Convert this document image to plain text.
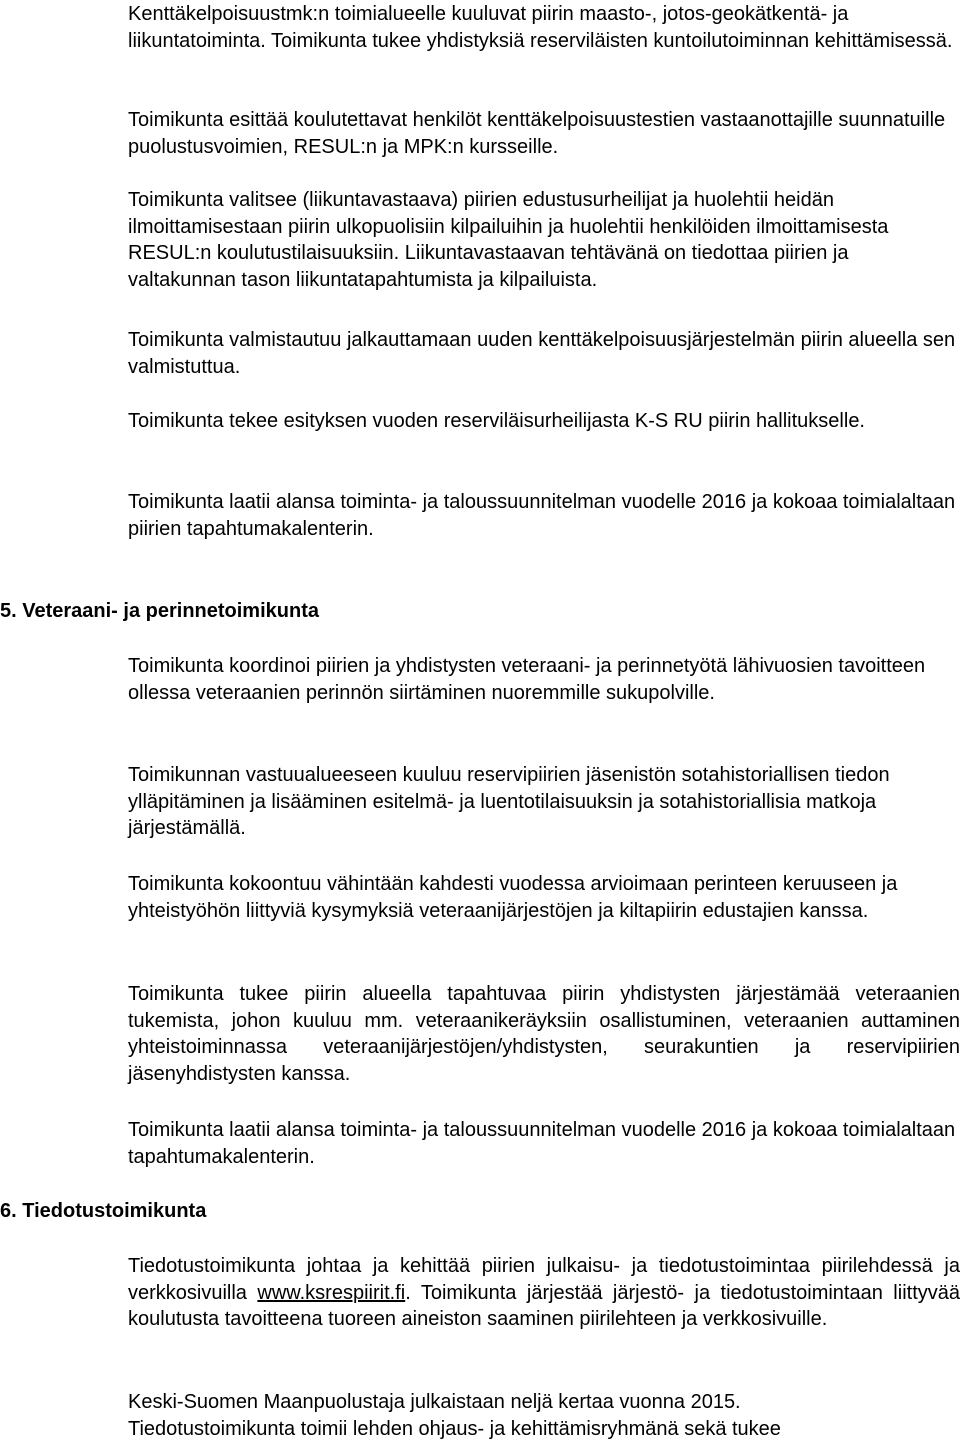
Kenttäkelpoisuustmk:n toimialueelle kuuluvat piirin maasto-, jotos-geokätkentä- ja liikuntatoiminta. Toimikunta tukee yhdistyksiä reserviläisten kuntoilutoiminnan kehittämisessä.

Toimikunta esittää koulutettavat henkilöt kenttäkelpoisuustestien vastaanottajille suunnatuille puolustusvoimien, RESUL:n ja MPK:n kursseille.

Toimikunta valitsee (liikuntavastaava) piirien edustusurheilijat ja huolehtii heidän ilmoittamisestaan piirin ulkopuolisiin kilpailuihin ja huolehtii henkilöiden ilmoittamisesta RESUL:n koulutustilaisuuksiin. Liikuntavastaavan tehtävänä on tiedottaa piirien ja valtakunnan tason liikuntatapahtumista ja kilpailuista.

Toimikunta valmistautuu jalkauttamaan uuden kenttäkelpoisuusjärjestelmän piirin alueella sen valmistuttua.

Toimikunta tekee esityksen vuoden reserviläisurheilijasta K-S RU piirin hallitukselle.

Toimikunta laatii alansa toiminta- ja taloussuunnitelman vuodelle 2016 ja kokoaa toimialaltaan piirien tapahtumakalenterin.

5. Veteraani- ja perinnetoimikunta

Toimikunta koordinoi piirien ja yhdistysten veteraani- ja perinnetyötä lähivuosien tavoitteen ollessa veteraanien perinnön siirtäminen nuoremmille sukupolville.

Toimikunnan vastuualueeseen kuuluu reservipiirien jäsenistön sotahistoriallisen tiedon ylläpitäminen ja lisääminen esitelmä- ja luentotilaisuuksin ja sotahistoriallisia matkoja järjestämällä.

Toimikunta kokoontuu vähintään kahdesti vuodessa arvioimaan perinteen keruuseen ja yhteistyöhön liittyviä kysymyksiä veteraanijärjestöjen ja kiltapiirin edustajien kanssa.

Toimikunta tukee piirin alueella tapahtuvaa piirin yhdistysten järjestämää veteraanien tukemista, johon kuuluu mm. veteraanikeräyksiin osallistuminen, veteraanien auttaminen yhteistoiminnassa veteraanijärjestöjen/yhdistysten, seurakuntien ja reservipiirien jäsenyhdistysten kanssa.

Toimikunta laatii alansa toiminta- ja taloussuunnitelman vuodelle 2016 ja kokoaa toimialaltaan tapahtumakalenterin.

6. Tiedotustoimikunta

Tiedotustoimikunta johtaa ja kehittää piirien julkaisu- ja tiedotustoimintaa piirilehdessä ja verkkosivuilla www.ksrespiirit.fi. Toimikunta järjestää järjestö- ja tiedotustoimintaan liittyvää koulutusta tavoitteena tuoreen aineiston saaminen piirilehteen ja verkkosivuille.

Keski-Suomen Maanpuolustaja julkaistaan neljä kertaa vuonna 2015.
Tiedotustoimikunta toimii lehden ohjaus- ja kehittämisryhmänä sekä tukee
